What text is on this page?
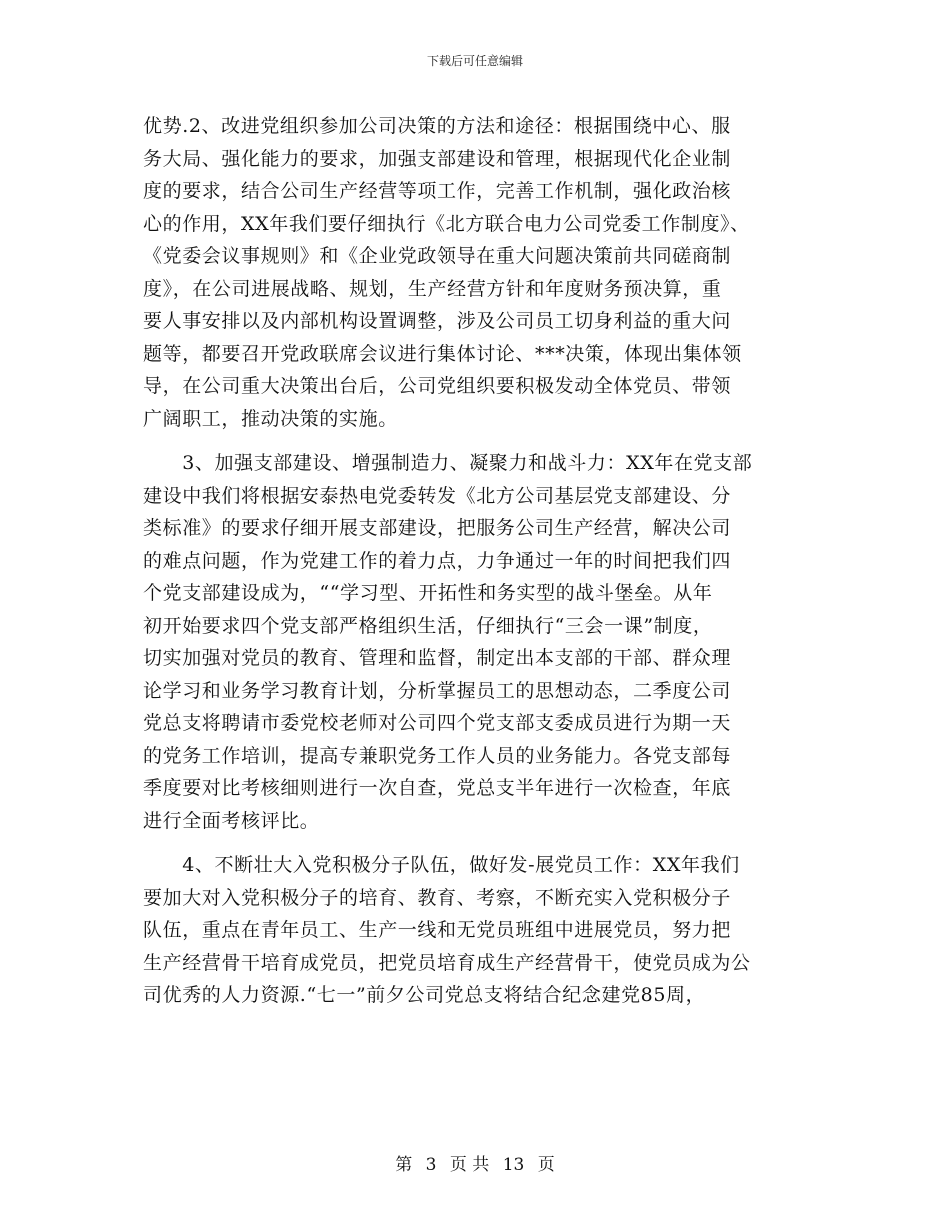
下载后可任意编辑
优势.2、改进党组织参加公司决策的方法和途径：根据围绕中心、服
务大局、强化能力的要求，加强支部建设和管理，根据现代化企业制
度的要求，结合公司生产经营等项工作，完善工作机制，强化政治核
心的作用，XX年我们要仔细执行《北方联合电力公司党委工作制度》、
《党委会议事规则》和《企业党政领导在重大问题决策前共同磋商制
度》，在公司进展战略、规划，生产经营方针和年度财务预决算，重
要人事安排以及内部机构设置调整，涉及公司员工切身利益的重大问
题等，都要召开党政联席会议进行集体讨论、***决策，体现出集体领
导，在公司重大决策出台后，公司党组织要积极发动全体党员、带领
广阔职工，推动决策的实施。
　　3、加强支部建设、增强制造力、凝聚力和战斗力：XX年在党支部
建设中我们将根据安泰热电党委转发《北方公司基层党支部建设、分
类标准》的要求仔细开展支部建设，把服务公司生产经营，解决公司
的难点问题，作为党建工作的着力点，力争通过一年的时间把我们四
个党支部建设成为，““学习型、开拓性和务实型的战斗堡垒。从年
初开始要求四个党支部严格组织生活，仔细执行“三会一课”制度，
切实加强对党员的教育、管理和监督，制定出本支部的干部、群众理
论学习和业务学习教育计划，分析掌握员工的思想动态，二季度公司
党总支将聘请市委党校老师对公司四个党支部支委成员进行为期一天
的党务工作培训，提高专兼职党务工作人员的业务能力。各党支部每
季度要对比考核细则进行一次自查，党总支半年进行一次检查，年底
进行全面考核评比。
　　4、不断壮大入党积极分子队伍，做好发-展党员工作：XX年我们
要加大对入党积极分子的培育、教育、考察，不断充实入党积极分子
队伍，重点在青年员工、生产一线和无党员班组中进展党员，努力把
生产经营骨干培育成党员，把党员培育成生产经营骨干，使党员成为公
司优秀的人力资源.“七一”前夕公司党总支将结合纪念建党85周，
第 3 页 共 13 页
